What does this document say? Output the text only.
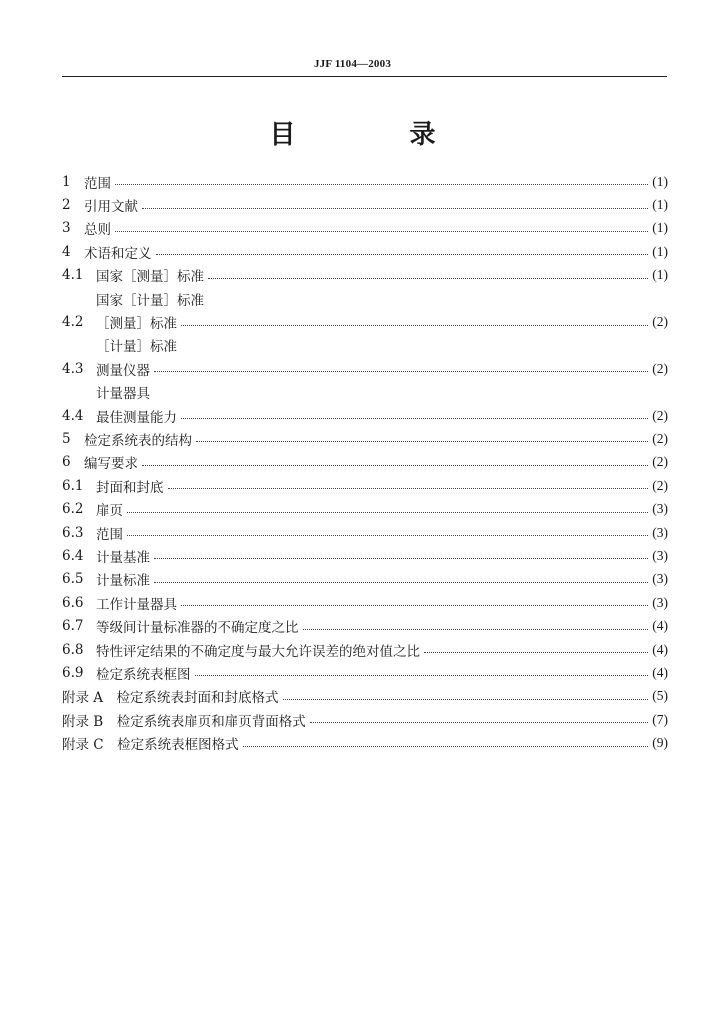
JJF 1104—2003
目　录
1 范围	(1)
2 引用文献	(1)
3 总则	(1)
4 术语和定义	(1)
4.1 国家［测量］标准	(1)
国家［计量］标准
4.2 ［测量］标准	(2)
［计量］标准
4.3 测量仪器	(2)
计量器具
4.4 最佳测量能力	(2)
5 检定系统表的结构	(2)
6 编写要求	(2)
6.1 封面和封底	(2)
6.2 扉页	(3)
6.3 范围	(3)
6.4 计量基准	(3)
6.5 计量标准	(3)
6.6 工作计量器具	(3)
6.7 等级间计量标准器的不确定度之比	(4)
6.8 特性评定结果的不确定度与最大允许误差的绝对值之比	(4)
6.9 检定系统表框图	(4)
附录 A　检定系统表封面和封底格式	(5)
附录 B　检定系统表扉页和扉页背面格式	(7)
附录 C　检定系统表框图格式	(9)
